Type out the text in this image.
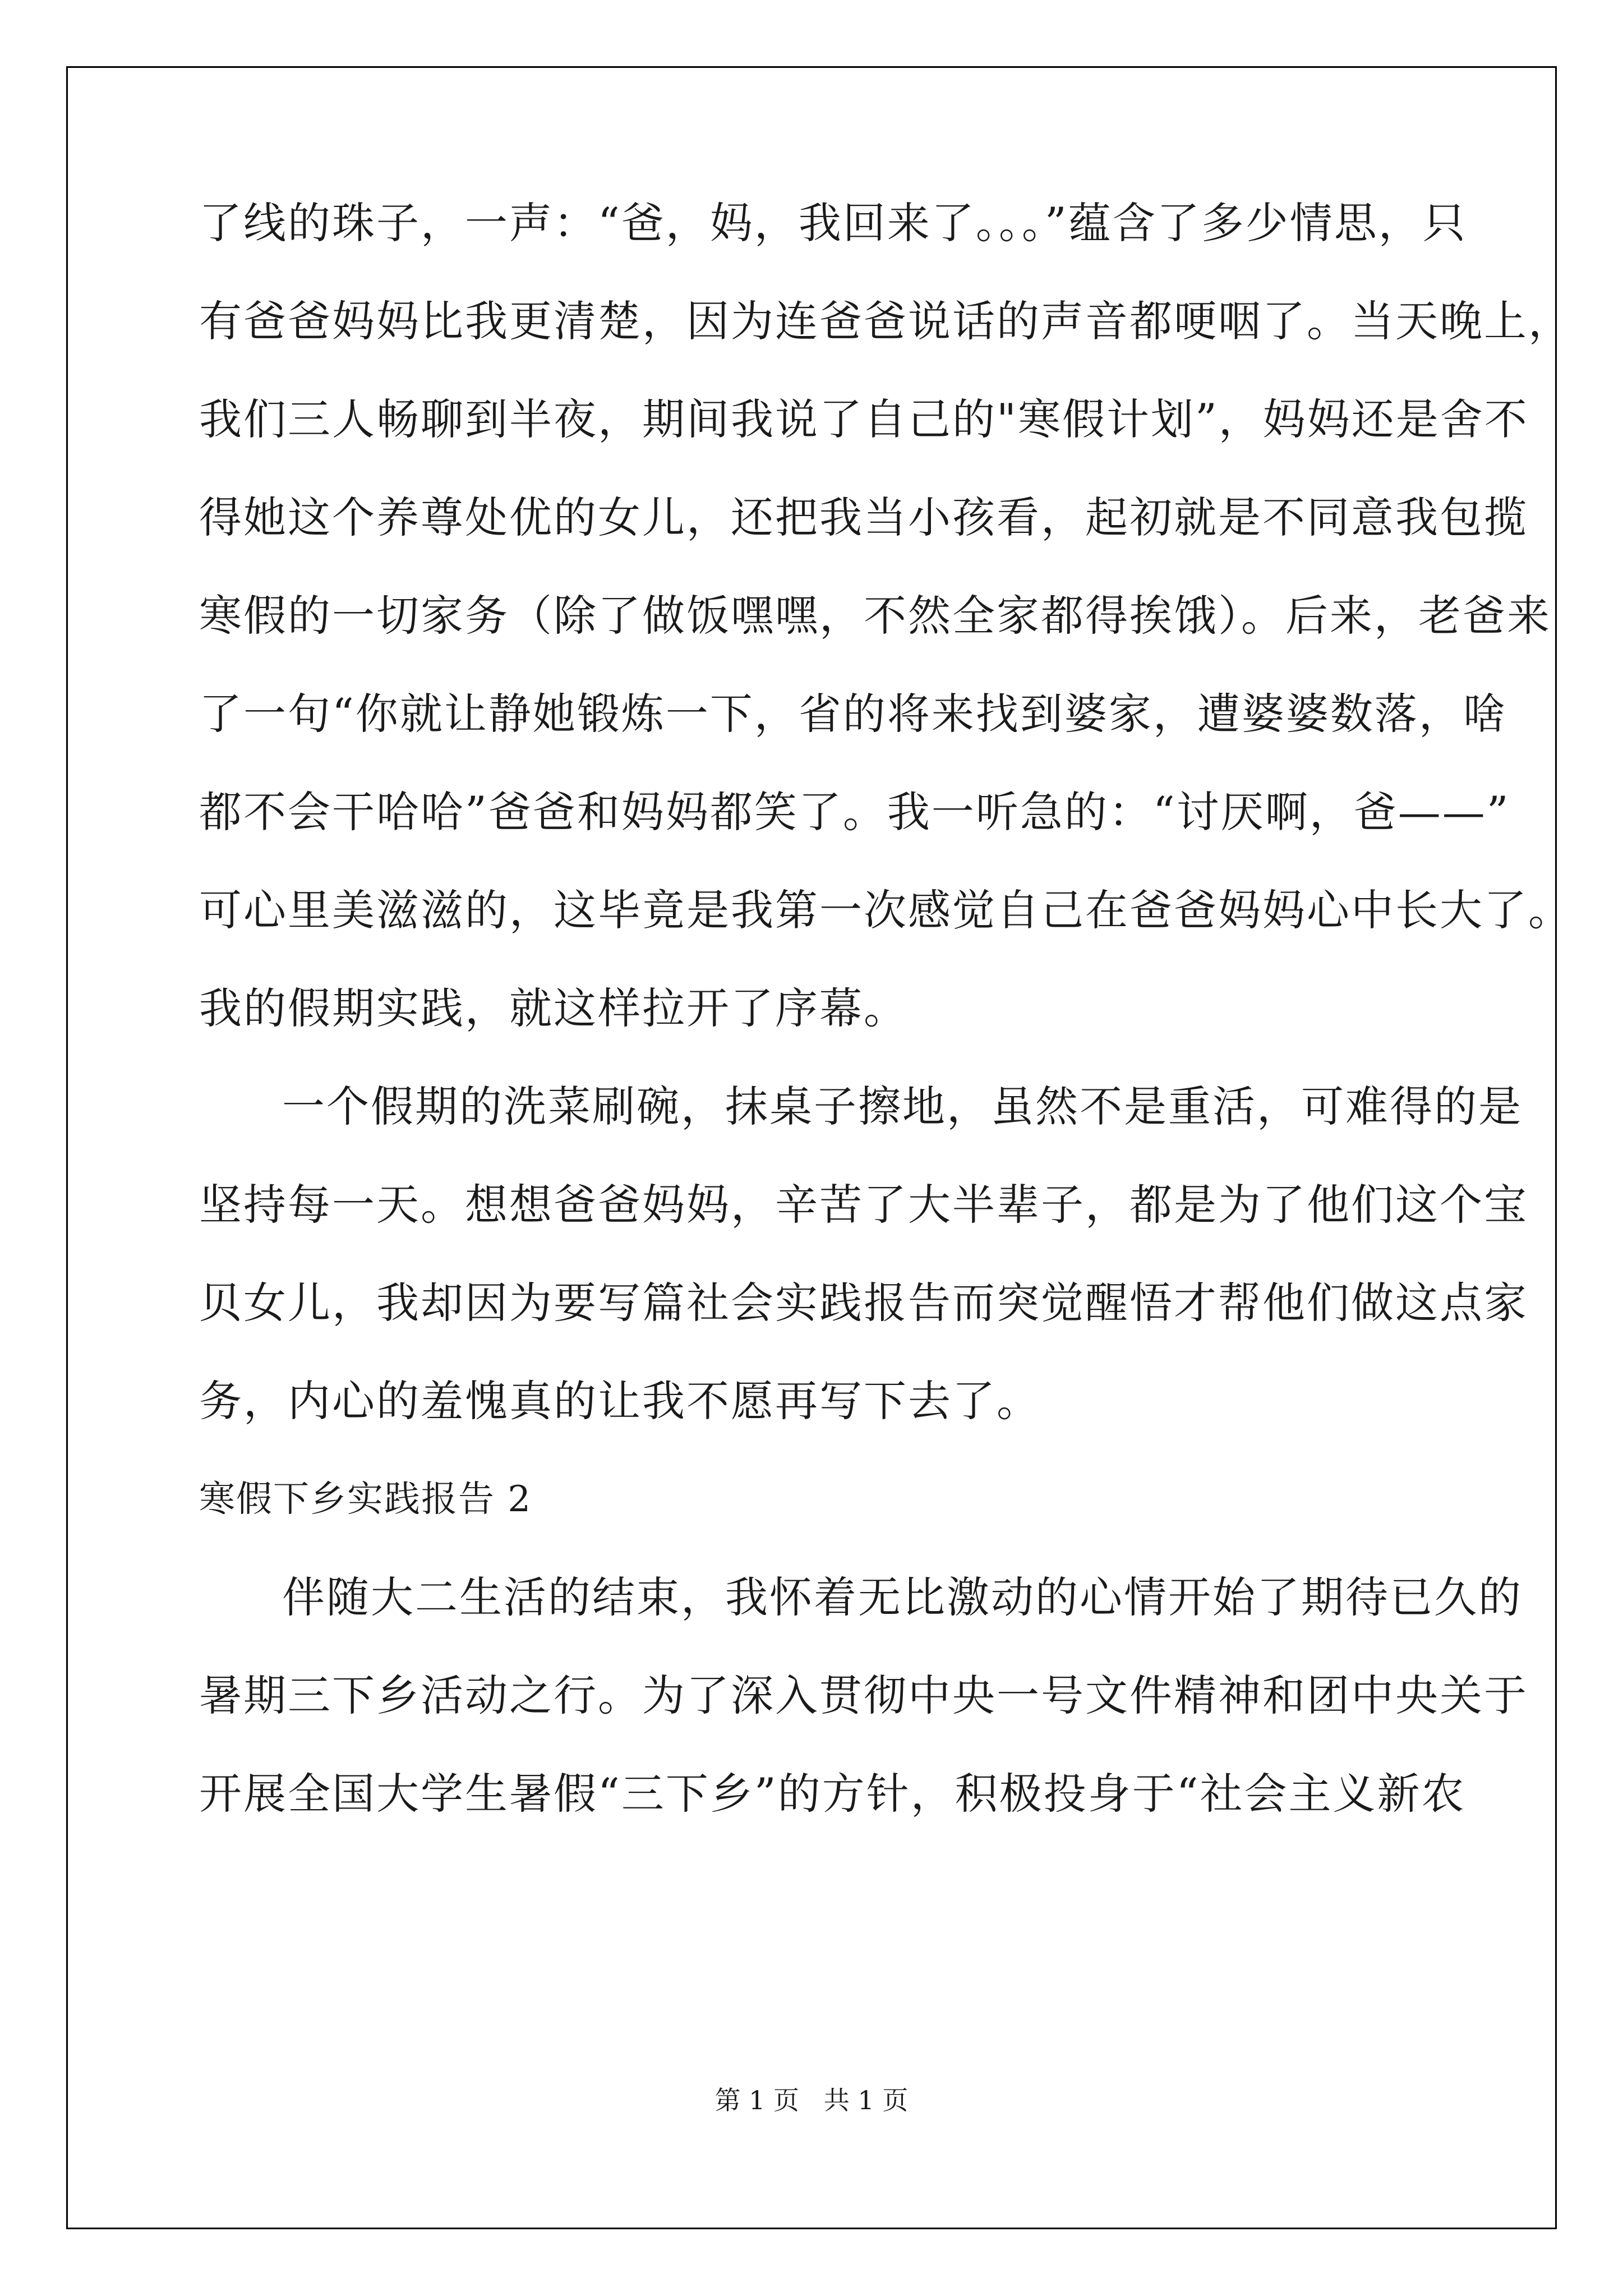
了线的珠子，一声：“爸，妈，我回来了。。。”蕴含了多少情思，只
有爸爸妈妈比我更清楚，因为连爸爸说话的声音都哽咽了。当天晚上，
我们三人畅聊到半夜，期间我说了自己的"寒假计划”，妈妈还是舍不
得她这个养尊处优的女儿，还把我当小孩看，起初就是不同意我包揽
寒假的一切家务（除了做饭嘿嘿，不然全家都得挨饿）。后来，老爸来
了一句“你就让静她锻炼一下，省的将来找到婆家，遭婆婆数落，啥
都不会干哈哈”爸爸和妈妈都笑了。我一听急的：“讨厌啊，爸——”
可心里美滋滋的，这毕竟是我第一次感觉自己在爸爸妈妈心中长大了。
我的假期实践，就这样拉开了序幕。
一个假期的洗菜刷碗，抹桌子擦地，虽然不是重活，可难得的是
坚持每一天。想想爸爸妈妈，辛苦了大半辈子，都是为了他们这个宝
贝女儿，我却因为要写篇社会实践报告而突觉醒悟才帮他们做这点家
务，内心的羞愧真的让我不愿再写下去了。
寒假下乡实践报告 2
伴随大二生活的结束，我怀着无比激动的心情开始了期待已久的
暑期三下乡活动之行。为了深入贯彻中央一号文件精神和团中央关于
开展全国大学生暑假“三下乡”的方针，积极投身于“社会主义新农
第 1 页   共 1 页
